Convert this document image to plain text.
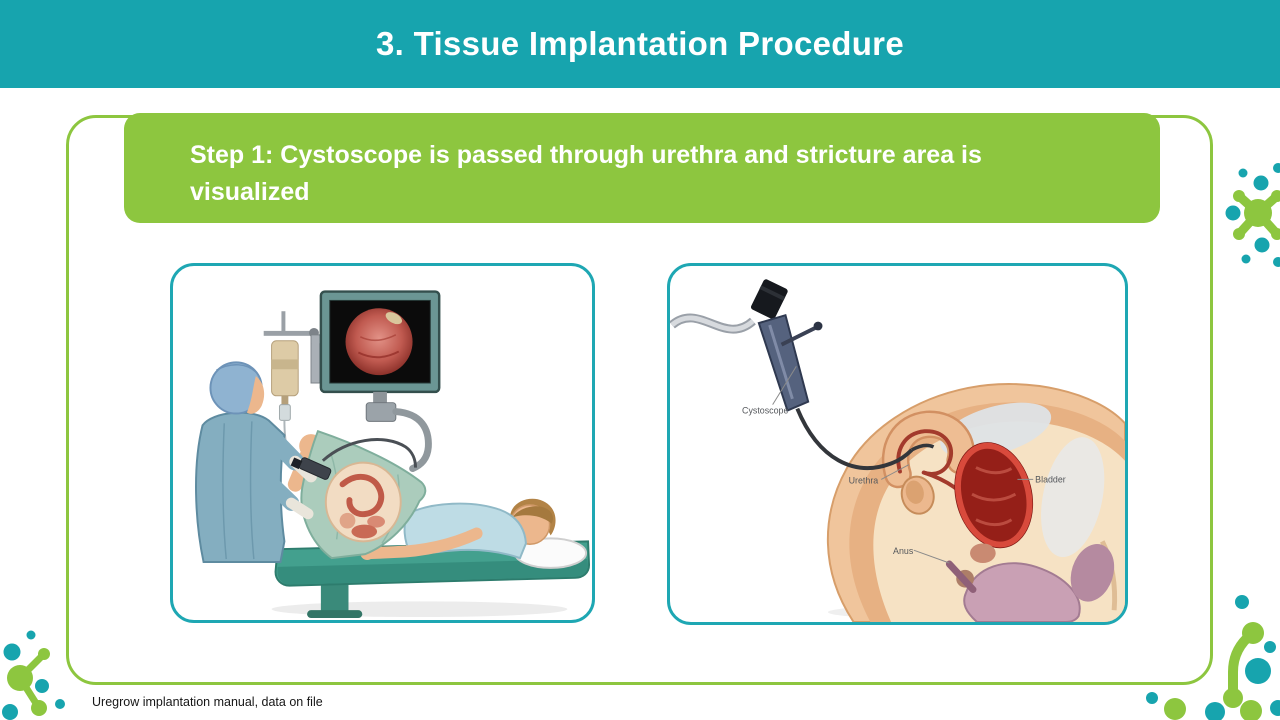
3. Tissue Implantation Procedure

Step 1: Cystoscope is passed through urethra and stricture area is visualized

Cystoscope
Urethra	Bladder
Anus

Uregrow implantation manual, data on file
